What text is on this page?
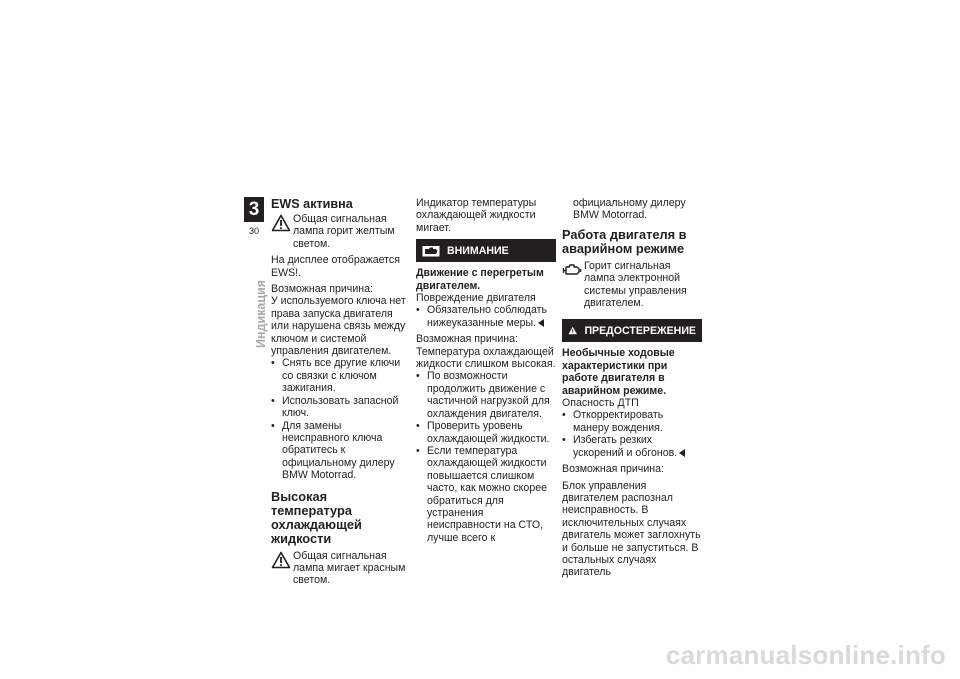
3
30
Индикация
EWS активна
Общая сигнальная лампа горит желтым светом.

На дисплее отображается EWS!.

Возможная причина:

У используемого ключа нет права запуска двигателя или нарушена связь между ключом и системой управления двигателем.

• Снять все другие ключи со связки с ключом зажигания.
• Использовать запасной ключ.
• Для замены неисправного ключа обратитесь к официальному дилеру BMW Motorrad.
Высокая температура охлаждающей жидкости
Общая сигнальная лампа мигает красным светом.

Индикатор температуры охлаждающей жидкости мигает.

ВНИМАНИЕ
Движение с перегретым двигателем.

Повреждение двигателя

• Обязательно соблюдать нижеуказанные меры.

Возможная причина:

Температура охлаждающей жидкости слишком высокая.

• По возможности продолжить движение с частичной нагрузкой для охлаждения двигателя.
• Проверить уровень охлаждающей жидкости.
• Если температура охлаждающей жидкости повышается слишком часто, как можно скорее обратиться для устранения неисправности на СТО, лучше всего к

официальному дилеру BMW Motorrad.

Работа двигателя в аварийном режиме
Горит сигнальная лампа электронной системы управления двигателем.
ПРЕДОСТЕРЕЖЕНИЕ
Необычные ходовые характеристики при работе двигателя в аварийном режиме.

Опасность ДТП

• Откорректировать манеру вождения.
• Избегать резких ускорений и обгонов.

Возможная причина:

Блок управления двигателем распознал неисправность. В исключительных случаях двигатель может заглохнуть и больше не запуститься. В остальных случаях двигатель

carmanualsonline.info
